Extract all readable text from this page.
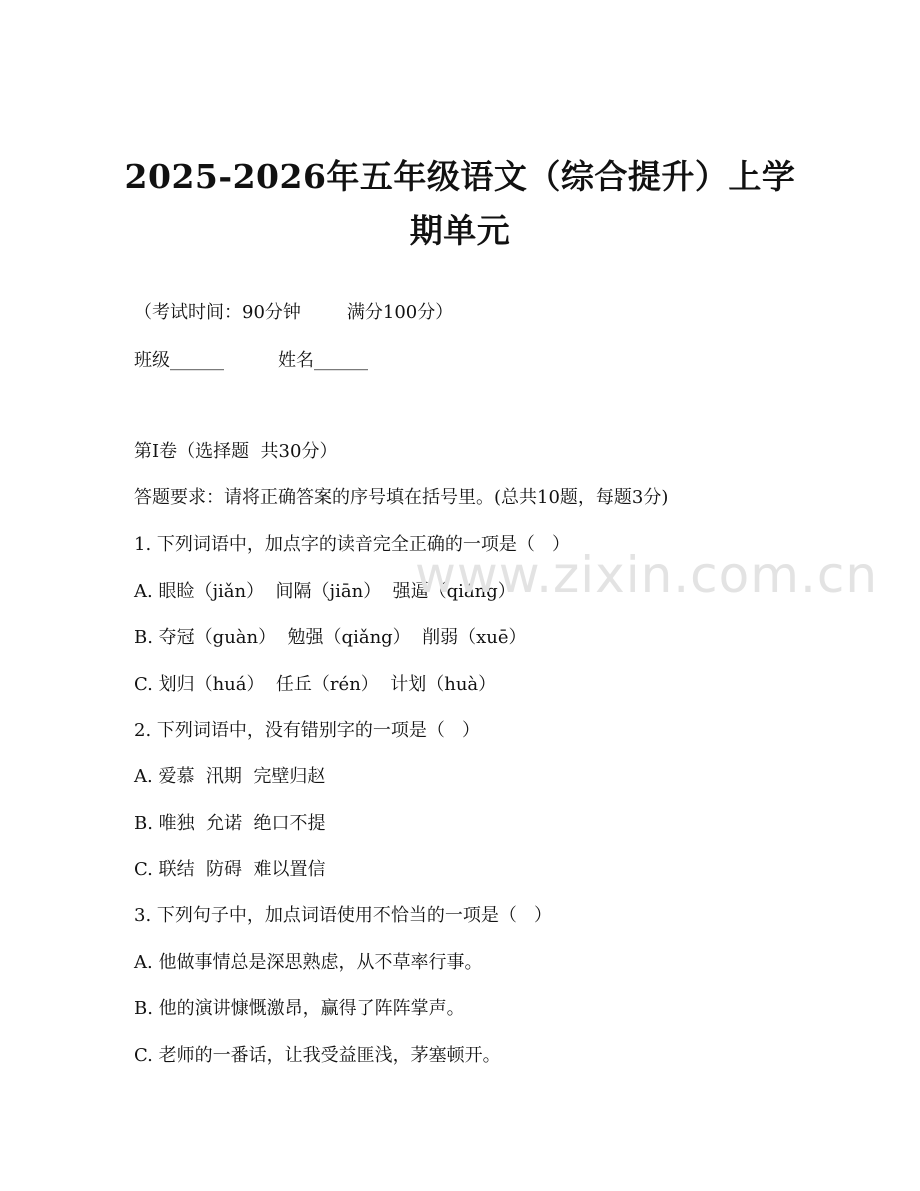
2025-2026年五年级语文（综合提升）上学
期单元
（考试时间：90分钟	满分100分）
班级______	姓名______
第Ⅰ卷（选择题  共30分）
答题要求：请将正确答案的序号填在括号里。(总共10题，每题3分)
1. 下列词语中，加点字的读音完全正确的一项是（   ）
A. 眼睑（jiǎn）  间隔（jiān）  强逼（qiáng）
B. 夺冠（guàn）  勉强（qiǎng）  削弱（xuē）
C. 划归（huá）  任丘（rén）  计划（huà）
2. 下列词语中，没有错别字的一项是（   ）
A. 爱慕  汛期  完壁归赵
B. 唯独  允诺  绝口不提
C. 联结  防碍  难以置信
3. 下列句子中，加点词语使用不恰当的一项是（   ）
A. 他做事情总是深思熟虑，从不草率行事。
B. 他的演讲慷慨激昂，赢得了阵阵掌声。
C. 老师的一番话，让我受益匪浅，茅塞顿开。
www.zixin.com.cn
